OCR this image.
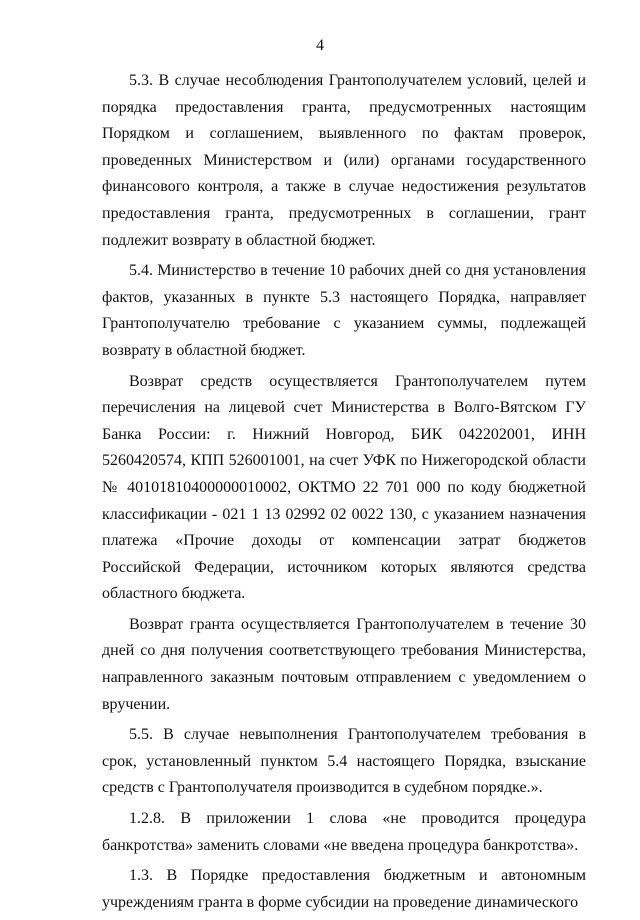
4

5.3. В случае несоблюдения Грантополучателем условий, целей и порядка предоставления гранта, предусмотренных настоящим Порядком и соглашением, выявленного по фактам проверок, проведенных Министерством и (или) органами государственного финансового контроля, а также в случае недостижения результатов предоставления гранта, предусмотренных в соглашении, грант подлежит возврату в областной бюджет.

5.4. Министерство в течение 10 рабочих дней со дня установления фактов, указанных в пункте 5.3 настоящего Порядка, направляет Грантополучателю требование с указанием суммы, подлежащей возврату в областной бюджет.

Возврат средств осуществляется Грантополучателем путем перечисления на лицевой счет Министерства в Волго-Вятском ГУ Банка России: г. Нижний Новгород, БИК 042202001, ИНН 5260420574, КПП 526001001, на счет УФК по Нижегородской области № 40101810400000010002, ОКТМО 22 701 000 по коду бюджетной классификации - 021 1 13 02992 02 0022 130, с указанием назначения платежа «Прочие доходы от компенсации затрат бюджетов Российской Федерации, источником которых являются средства областного бюджета.

Возврат гранта осуществляется Грантополучателем в течение 30 дней со дня получения соответствующего требования Министерства, направленного заказным почтовым отправлением с уведомлением о вручении.

5.5. В случае невыполнения Грантополучателем требования в срок, установленный пунктом 5.4 настоящего Порядка, взыскание средств с Грантополучателя производится в судебном порядке.».

1.2.8. В приложении 1 слова «не проводится процедура банкротства» заменить словами «не введена процедура банкротства».

1.3. В Порядке предоставления бюджетным и автономным учреждениям гранта в форме субсидии на проведение динамического
